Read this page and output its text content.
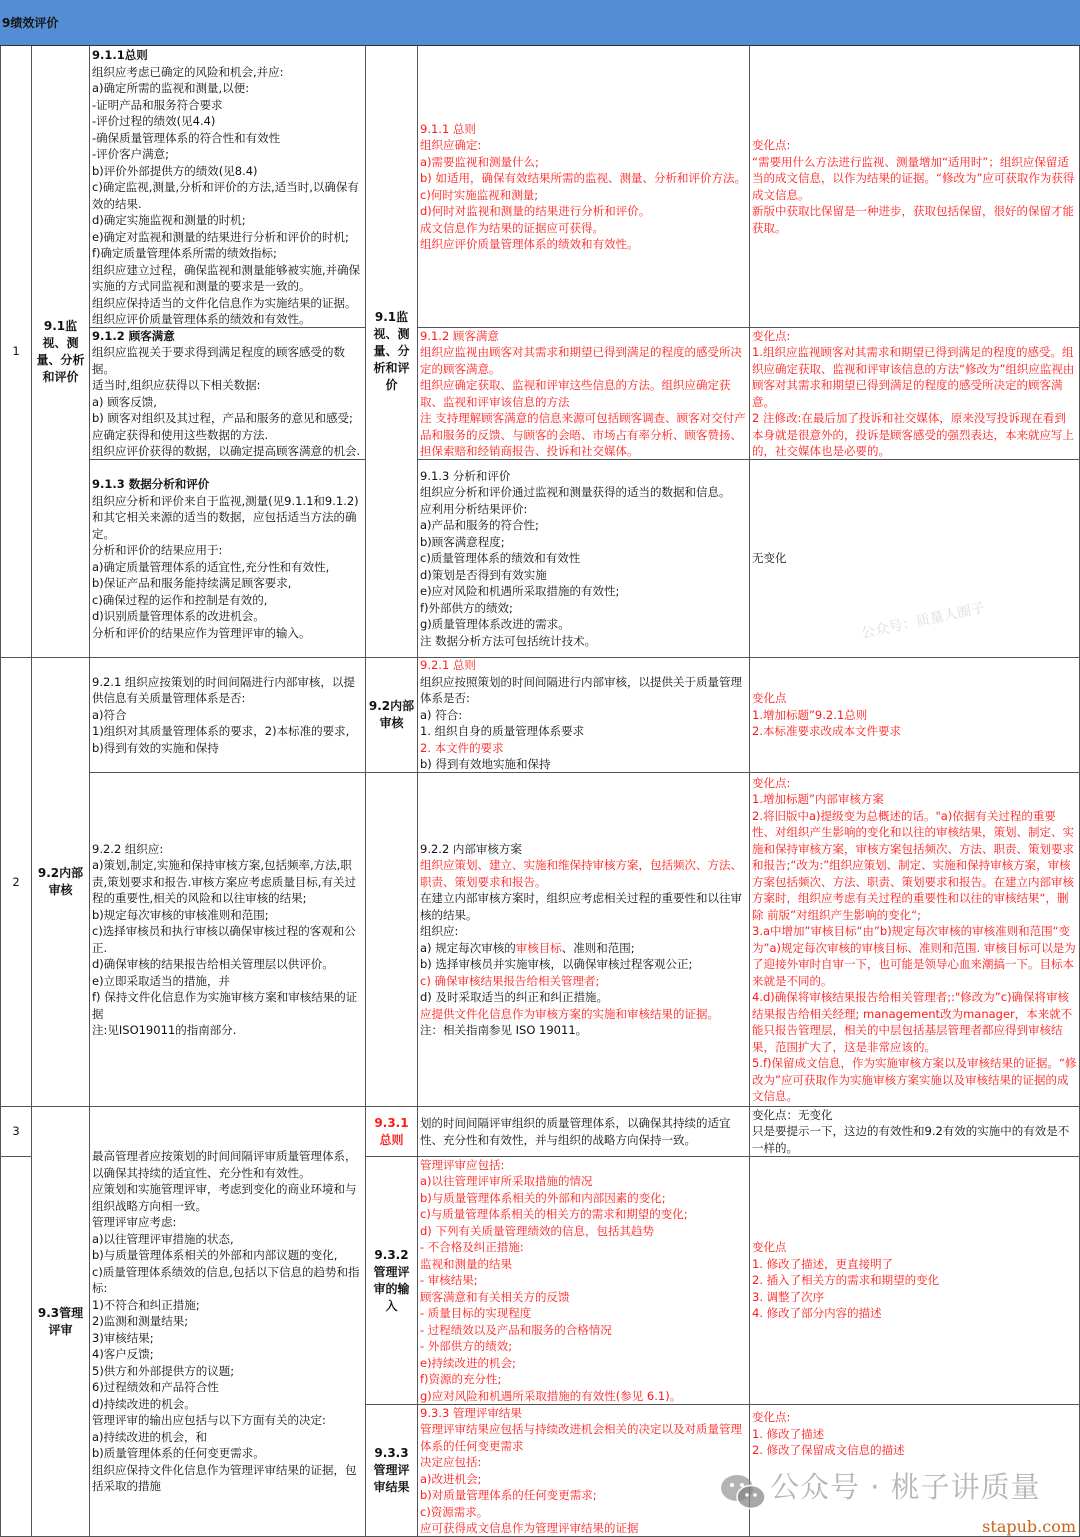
9绩效评价
1
9.1监视、测量、分析和评价
9.1.1总则
组织应考虑已确定的风险和机会,并应:
a)确定所需的监视和测量,以便:
-证明产品和服务符合要求
-评价过程的绩效(见4.4)
-确保质量管理体系的符合性和有效性
-评价客户满意;
b)评价外部提供方的绩效(见8.4)
c)确定监视,测量,分析和评价的方法,适当时,以确保有效的结果.
d)确定实施监视和测量的时机;
e)确定对监视和测量的结果进行分析和评价的时机;
f)确定质量管理体系所需的绩效指标;
组织应建立过程，确保监视和测量能够被实施,并确保实施的方式同监视和测量的要求是一致的。
组织应保持适当的文件化信息作为实施结果的证据。
组织应评价质量管理体系的绩效和有效性。
9.1.2 顾客满意
组织应监视关于要求得到满足程度的顾客感受的数据。
适当时,组织应获得以下相关数据:
a) 顾客反馈,
b) 顾客对组织及其过程，产品和服务的意见和感受;
应确定获得和使用这些数据的方法.
组织应评价获得的数据，以确定提高顾客满意的机会.
9.1.3 数据分析和评价
组织应分析和评价来自于监视,测量(见9.1.1和9.1.2)和其它相关来源的适当的数据，应包括适当方法的确定。
分析和评价的结果应用于:
a)确定质量管理体系的适宜性,充分性和有效性,
b)保证产品和服务能持续满足顾客要求,
c)确保过程的运作和控制是有效的,
d)识别质量管理体系的改进机会。
分析和评价的结果应作为管理评审的输入。
9.1监视、测量、分析和评价
9.1.1 总则
组织应确定:
a)需要监视和测量什么;
b) 如适用，确保有效结果所需的监视、测量、分析和评价方法。
c)何时实施监视和测量;
d)何时对监视和测量的结果进行分析和评价。
成文信息作为结果的证据应可获得。
组织应评价质量管理体系的绩效和有效性。
9.1.2 顾客满意
组织应监视由顾客对其需求和期望已得到满足的程度的感受所决定的顾客满意。
组织应确定获取、监视和评审这些信息的方法。组织应确定获取、监视和评审该信息的方法
注 支持理解顾客满意的信息来源可包括顾客调查、顾客对交付产品和服务的反馈、与顾客的会晤、市场占有率分析、顾客赞扬、担保索赔和经销商报告、投诉和社交媒体。
9.1.3 分析和评价
组织应分析和评价通过监视和测量获得的适当的数据和信息。
应利用分析结果评价:
a)产品和服务的符合性;
b)顾客满意程度;
c)质量管理体系的绩效和有效性
d)策划是否得到有效实施
e)应对风险和机遇所采取措施的有效性;
f)外部供方的绩效;
g)质量管理体系改进的需求。
注 数据分析方法可包括统计技术。
变化点:
“需要用什么方法进行监视、测量增加“适用时”；组织应保留适当的成文信息，以作为结果的证据。“修改为”应可获取作为获得成文信息。
新版中获取比保留是一种进步，获取包括保留，很好的保留才能获取。
变化点:
1.组织应监视顾客对其需求和期望已得到满足的程度的感受。组织应确定获取、监视和评审该信息的方法“修改为”组织应监视由顾客对其需求和期望已得到满足的程度的感受所决定的顾客满意。
2 注修改:在最后加了投诉和社交媒体，原来没写投诉现在看到本身就是很意外的，投诉是顾客感受的强烈表达，本来就应写上的，社交媒体也是必要的。
无变化
2
9.2内部审核
9.2.1 组织应按策划的时间间隔进行内部审核，以提供信息有关质量管理体系是否:
a)符合
1)组织对其质量管理体系的要求，2)本标准的要求,
b)得到有效的实施和保持
9.2.2 组织应:
a)策划,制定,实施和保持审核方案,包括频率,方法,职责,策划要求和报告.审核方案应考虑质量目标,有关过程的重要性,相关的风险和以往审核的结果;
b)规定每次审核的审核准则和范围;
c)选择审核员和执行审核以确保审核过程的客观和公正.
d)确保审核的结果报告给相关管理层以供评价。
e)立即采取适当的措施，并
f) 保持文件化信息作为实施审核方案和审核结果的证据
注:见ISO19011的指南部分.
9.2内部审核
9.2.1 总则
组织应按照策划的时间间隔进行内部审核，以提供关于质量管理体系是否:
a) 符合:
1. 组织自身的质量管理体系要求
2. 本文件的要求
b) 得到有效地实施和保持
9.2.2 内部审核方案
组织应策划、建立、实施和维保持审核方案，包括频次、方法、职责、策划要求和报告。
在建立内部审核方案时，组织应考虑相关过程的重要性和以往审核的结果。
组织应:
a) 规定每次审核的审核目标、准则和范围;
b) 选择审核员并实施审核，以确保审核过程客观公正;
c) 确保审核结果报告给相关管理者;
d) 及时采取适当的纠正和纠正措施。
应提供文件化信息作为审核方案的实施和审核结果的证据。
注：相关指南参见 ISO 19011。
变化点
1.增加标题”9.2.1总则
2.本标准要求改成本文件要求
变化点:
1.增加标题”内部审核方案
2.将旧版中a)提级变为总概述的话。"a)依据有关过程的重要性、对组织产生影响的变化和以往的审核结果，策划、制定、实施和保持审核方案，审核方案包括频次、方法、职责、策划要求和报告;“改为:”组织应策划、制定、实施和保持审核方案，审核方案包括频次、方法、职责、策划要求和报告。在建立内部审核方案时，组织应考虑有关过程的重要性和以往的审核结果“，删除 前版”对组织产生影响的变化“;
3.a中增加”审核目标“由”b)规定每次审核的审核准则和范围“变为”a)规定每次审核的审核目标、准则和范围. 审核目标可以是为了迎接外审时自审一下，也可能是领导心血来潮搞一下。目标本来就是不同的。
4.d)确保将审核结果报告给相关管理者;:"修改为”c)确保将审核结果报告给相关经理; management改为manager，本来就不能只报告管理层，相关的中层包括基层管理者都应得到审核结果，范围扩大了，这是非常应该的。
5.f)保留成文信息，作为实施审核方案以及审核结果的证据。“修改为”应可获取作为实施审核方案实施以及审核结果的证据的成文信息。
3
9.3管理评审
最高管理者应按策划的时间间隔评审质量管理体系，以确保其持续的适宜性、充分性和有效性。
应策划和实施管理评审，考虑到变化的商业环境和与组织战略方向相一致。
管理评审应考虑:
a)以往管理评审措施的状态,
b)与质量管理体系相关的外部和内部议题的变化,
c)质量管理体系绩效的信息,包括以下信息的趋势和指标:
1)不符合和纠正措施;
2)监测和测量结果;
3)审核结果;
4)客户反馈;
5)供方和外部提供方的议题;
6)过程绩效和产品符合性
d)持续改进的机会。
管理评审的输出应包括与以下方面有关的决定:
a)持续改进的机会，和
b)质量管理体系的任何变更需求。
组织应保持文件化信息作为管理评审结果的证据，包括采取的措施
9.3.1 总则
9.3.2 管理评审的输入
9.3.3 管理评审结果
划的时间间隔评审组织的质量管理体系，以确保其持续的适宜性、充分性和有效性，并与组织的战略方向保持一致。
管理评审应包括:
a)以往管理评审所采取措施的情况
b)与质量管理体系相关的外部和内部因素的变化;
c)与质量管理体系相关的相关方的需求和期望的变化;
d) 下列有关质量管理绩效的信息，包括其趋势
- 不合格及纠正措施:
监视和测量的结果
- 审核结果;
顾客满意和有关相关方的反馈
- 质量目标的实现程度
- 过程绩效以及产品和服务的合格情况
- 外部供方的绩效;
e)持续改进的机会;
f)资源的充分性;
g)应对风险和机遇所采取措施的有效性(参见 6.1)。
9.3.3 管理评审结果
管理评审结果应包括与持续改进机会相关的决定以及对质量管理体系的任何变更需求
决定应包括:
a)改进机会;
b)对质量管理体系的任何变更需求;
c)资源需求。
应可获得成文信息作为管理评审结果的证据
变化点：无变化
只是要提示一下，这边的有效性和9.2有效的实施中的有效是不一样的。
变化点
1. 修改了描述，更直接明了
2. 插入了相关方的需求和期望的变化
3. 调整了次序
4. 修改了部分内容的描述
变化点:
1. 修改了描述
2. 修改了保留成文信息的描述
公众号：质量人圈子
公众号 · 桃子讲质量
stapub.com
